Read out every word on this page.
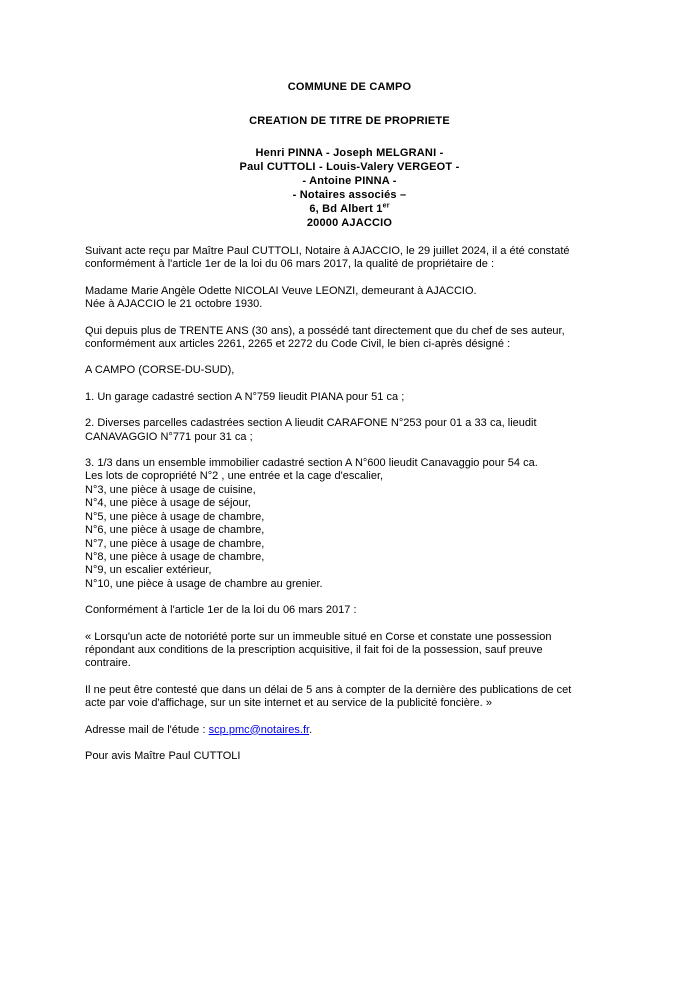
COMMUNE DE CAMPO
CREATION DE TITRE DE PROPRIETE
Henri PINNA - Joseph MELGRANI -
Paul CUTTOLI - Louis-Valery VERGEOT -
- Antoine PINNA -
- Notaires associés –
6, Bd Albert 1er
20000 AJACCIO

Suivant acte reçu par Maître Paul CUTTOLI, Notaire à AJACCIO, le 29 juillet 2024, il a été constaté
conformément à l'article 1er de la loi du 06 mars 2017, la qualité de propriétaire de :

Madame Marie Angèle Odette NICOLAI Veuve LEONZI, demeurant à AJACCIO.
Née à AJACCIO le 21 octobre 1930.

Qui depuis plus de TRENTE ANS (30 ans), a possédé tant directement que du chef de ses auteur,
conformément aux articles 2261, 2265 et 2272 du Code Civil, le bien ci-après désigné :

A CAMPO (CORSE-DU-SUD),

1. Un garage cadastré section A N°759 lieudit PIANA pour 51 ca ;

2. Diverses parcelles cadastrées section A lieudit CARAFONE N°253 pour 01 a 33 ca, lieudit
CANAVAGGIO N°771 pour 31 ca ;

3. 1/3 dans un ensemble immobilier cadastré section A N°600 lieudit Canavaggio pour 54 ca.
Les lots de copropriété N°2 , une entrée et la cage d'escalier,
N°3, une pièce à usage de cuisine,
N°4, une pièce à usage de séjour,
N°5, une pièce à usage de chambre,
N°6, une pièce à usage de chambre,
N°7, une pièce à usage de chambre,
N°8, une pièce à usage de chambre,
N°9, un escalier extérieur,
N°10, une pièce à usage de chambre au grenier.

Conformément à l'article 1er de la loi du 06 mars 2017 :

« Lorsqu'un acte de notoriété porte sur un immeuble situé en Corse et constate une possession
répondant aux conditions de la prescription acquisitive, il fait foi de la possession, sauf preuve
contraire.

Il ne peut être contesté que dans un délai de 5 ans à compter de la dernière des publications de cet
acte par voie d'affichage, sur un site internet et au service de la publicité foncière. »

Adresse mail de l'étude : scp.pmc@notaires.fr.

Pour avis Maître Paul CUTTOLI
